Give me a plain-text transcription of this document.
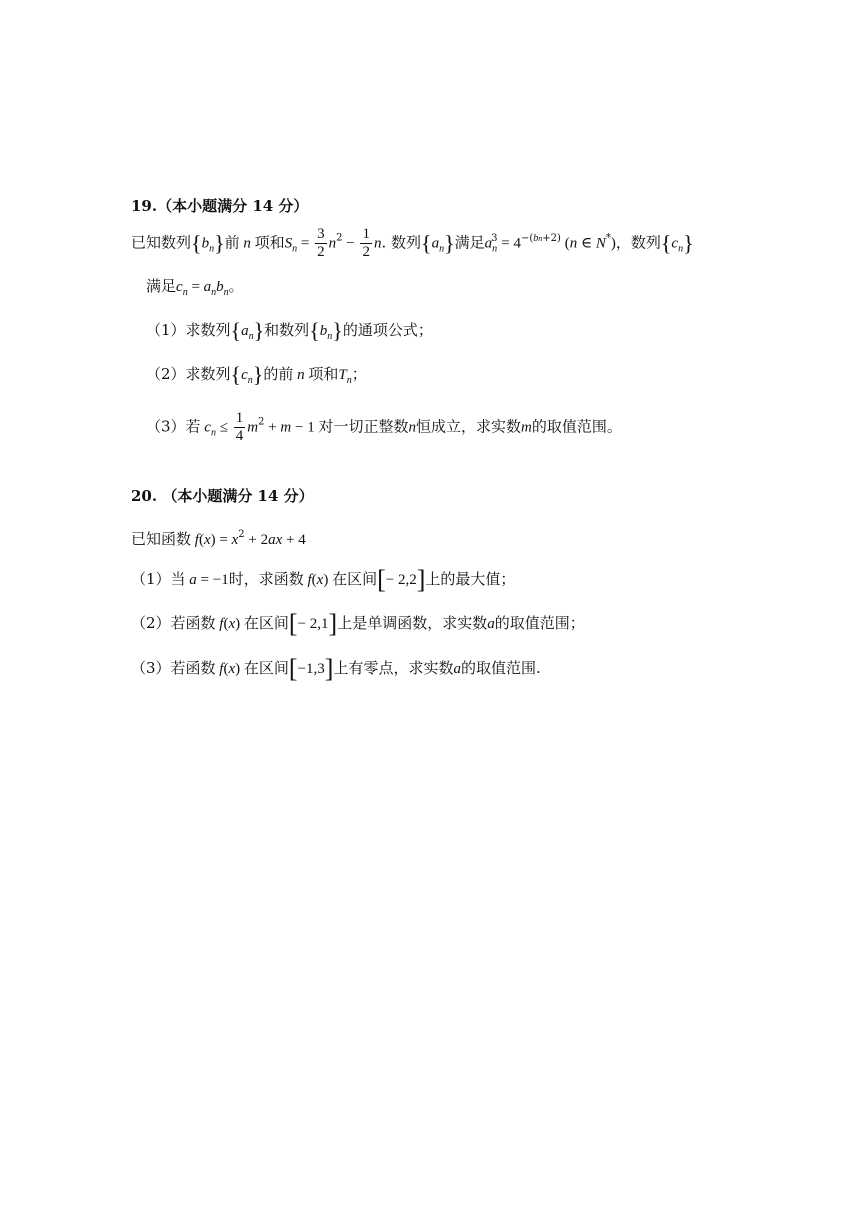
19.（本小题满分 14 分）
已知数列$\{b_n\}$前 n 项和$S_n = \frac{3}{2} n^2 - \frac{1}{2} n$. 数列$\{a_n\}$满足$a_n^3 = 4^{-(bn+2)}$ (n ∈ N*)，数列$\{c_n\}$
满足$c_n = a_nb_n$。
（1）求数列$\{a_n\}$和数列$\{b_n\}$的通项公式；
（2）求数列$\{c_n\}$的前 n 项和$T_n$；
（3）若 $c_n \le \frac{1}{4} m^2 + m - 1$ 对一切正整数n恒成立，求实数m的取值范围。
20. （本小题满分 14 分）
已知函数 $f(x) = x^2 + 2ax + 4$
（1）当 a = −1时，求函数 f(x) 在区间[− 2,2]上的最大值；
（2）若函数 f(x) 在区间[− 2,1]上是单调函数，求实数a的取值范围；
（3）若函数 f(x) 在区间[−1,3]上有零点，求实数a的取值范围.
